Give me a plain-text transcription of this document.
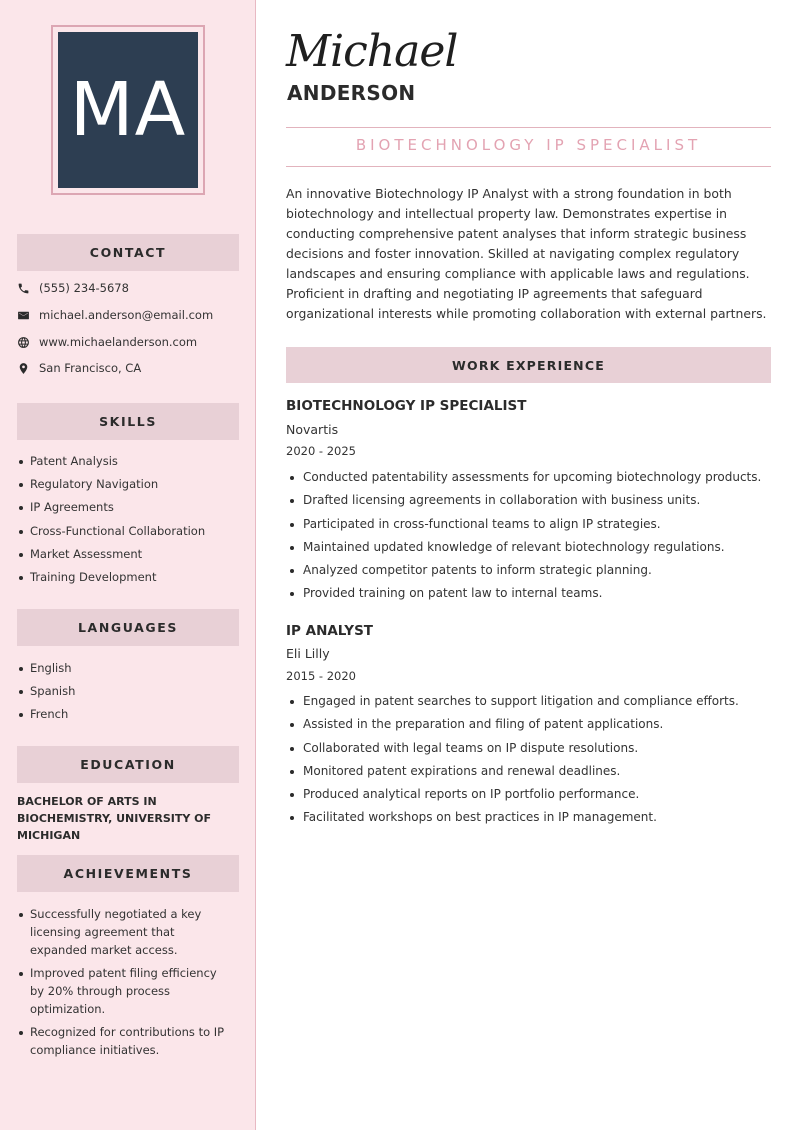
MA
CONTACT
(555) 234-5678
michael.anderson@email.com
www.michaelanderson.com
San Francisco, CA
SKILLS
Patent Analysis
Regulatory Navigation
IP Agreements
Cross-Functional Collaboration
Market Assessment
Training Development
LANGUAGES
English
Spanish
French
EDUCATION
BACHELOR OF ARTS IN BIOCHEMISTRY, UNIVERSITY OF MICHIGAN
ACHIEVEMENTS
Successfully negotiated a key licensing agreement that expanded market access.
Improved patent filing efficiency by 20% through process optimization.
Recognized for contributions to IP compliance initiatives.
Michael
ANDERSON
BIOTECHNOLOGY IP SPECIALIST
An innovative Biotechnology IP Analyst with a strong foundation in both biotechnology and intellectual property law. Demonstrates expertise in conducting comprehensive patent analyses that inform strategic business decisions and foster innovation. Skilled at navigating complex regulatory landscapes and ensuring compliance with applicable laws and regulations. Proficient in drafting and negotiating IP agreements that safeguard organizational interests while promoting collaboration with external partners.
WORK EXPERIENCE
BIOTECHNOLOGY IP SPECIALIST
Novartis
2020 - 2025
Conducted patentability assessments for upcoming biotechnology products.
Drafted licensing agreements in collaboration with business units.
Participated in cross-functional teams to align IP strategies.
Maintained updated knowledge of relevant biotechnology regulations.
Analyzed competitor patents to inform strategic planning.
Provided training on patent law to internal teams.
IP ANALYST
Eli Lilly
2015 - 2020
Engaged in patent searches to support litigation and compliance efforts.
Assisted in the preparation and filing of patent applications.
Collaborated with legal teams on IP dispute resolutions.
Monitored patent expirations and renewal deadlines.
Produced analytical reports on IP portfolio performance.
Facilitated workshops on best practices in IP management.
